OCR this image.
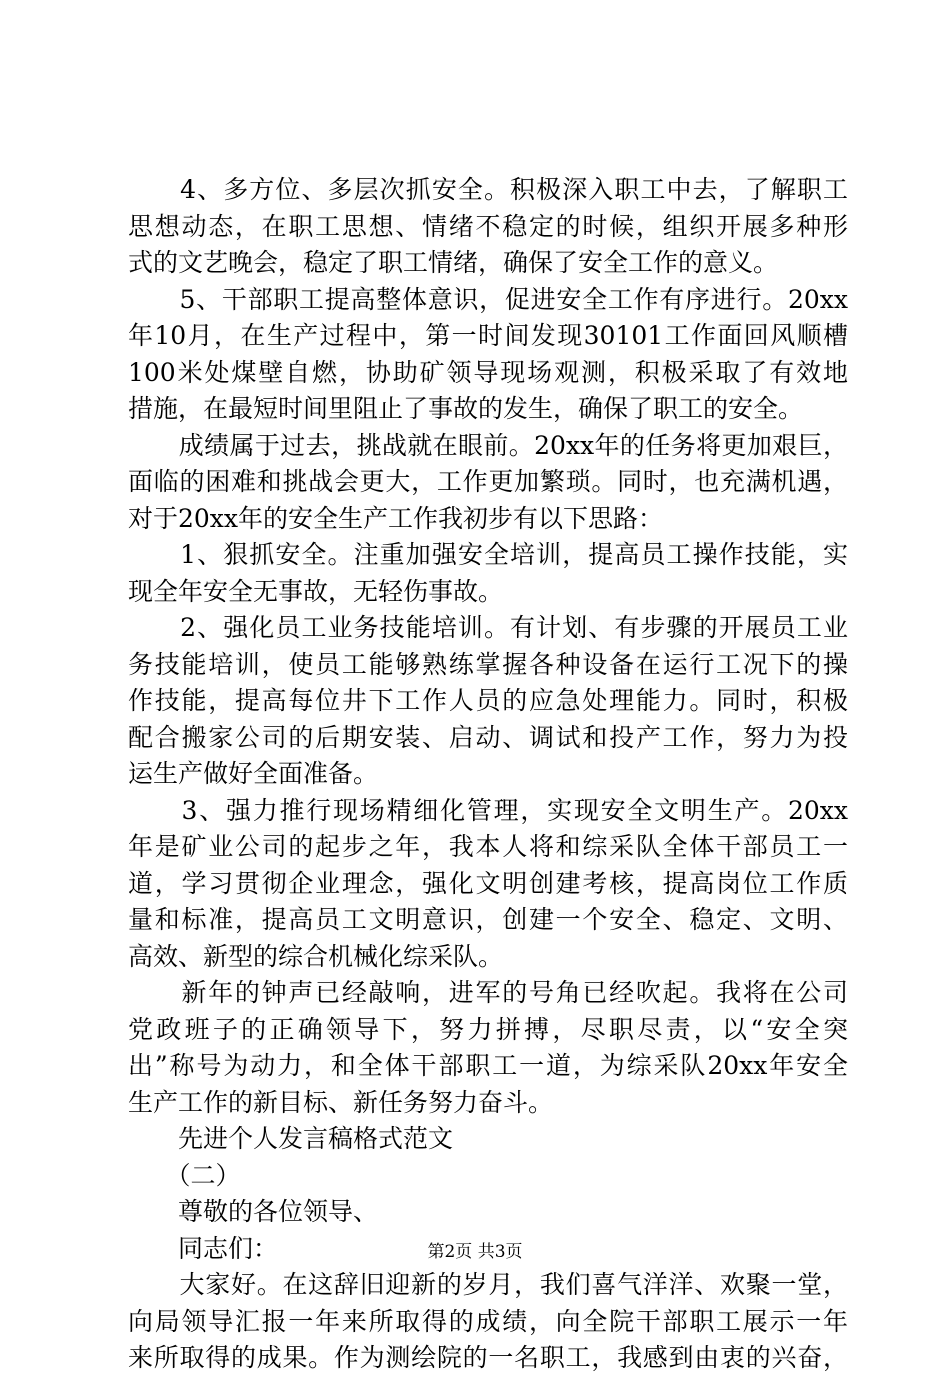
　　4、多方位、多层次抓安全。积极深入职工中去，了解职工
思想动态，在职工思想、情绪不稳定的时候，组织开展多种形
式的文艺晚会，稳定了职工情绪，确保了安全工作的意义。
　　5、干部职工提高整体意识，促进安全工作有序进行。20xx
年10月，在生产过程中，第一时间发现30101工作面回风顺槽
100米处煤壁自燃，协助矿领导现场观测，积极采取了有效地
措施，在最短时间里阻止了事故的发生，确保了职工的安全。
　　成绩属于过去，挑战就在眼前。20xx年的任务将更加艰巨，
面临的困难和挑战会更大，工作更加繁琐。同时，也充满机遇，
对于20xx年的安全生产工作我初步有以下思路：
　　1、狠抓安全。注重加强安全培训，提高员工操作技能，实
现全年安全无事故，无轻伤事故。
　　2、强化员工业务技能培训。有计划、有步骤的开展员工业
务技能培训，使员工能够熟练掌握各种设备在运行工况下的操
作技能，提高每位井下工作人员的应急处理能力。同时，积极
配合搬家公司的后期安装、启动、调试和投产工作，努力为投
运生产做好全面准备。
　　3、强力推行现场精细化管理，实现安全文明生产。20xx
年是矿业公司的起步之年，我本人将和综采队全体干部员工一
道，学习贯彻企业理念，强化文明创建考核，提高岗位工作质
量和标准，提高员工文明意识，创建一个安全、稳定、文明、
高效、新型的综合机械化综采队。
　　新年的钟声已经敲响，进军的号角已经吹起。我将在公司
党政班子的正确领导下，努力拼搏，尽职尽责，以“安全突
出”称号为动力，和全体干部职工一道，为综采队20xx年安全
生产工作的新目标、新任务努力奋斗。
　　先进个人发言稿格式范文
　　（二）
　　尊敬的各位领导、
　　同志们：
　　大家好。在这辞旧迎新的岁月，我们喜气洋洋、欢聚一堂，
向局领导汇报一年来所取得的成绩，向全院干部职工展示一年
来所取得的成果。作为测绘院的一名职工，我感到由衷的兴奋，
第2页 共3页
